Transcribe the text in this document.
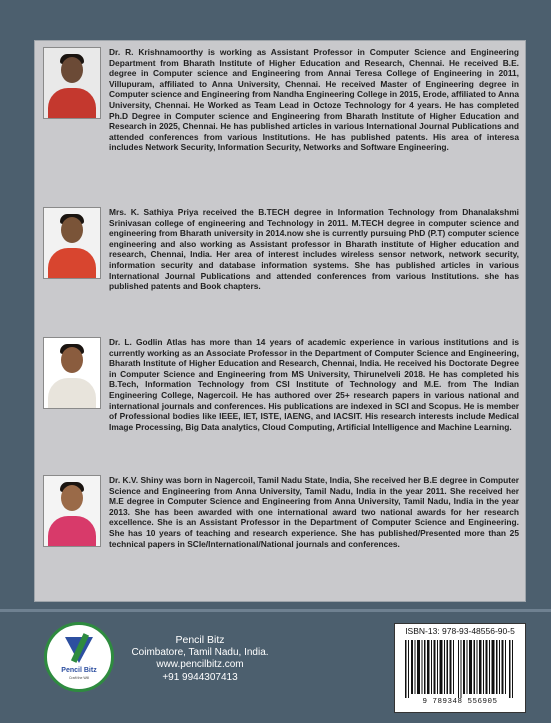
Dr. R. Krishnamoorthy is working as Assistant Professor in Computer Science and Engineering Department from Bharath Institute of Higher Education and Research, Chennai. He received B.E. degree in Computer science and Engineering from Annai Teresa College of Engineering in 2011, Villupuram, affiliated to Anna University, Chennai. He received Master of Engineering degree in Computer science and Engineering from Nandha Engineering College in 2015, Erode, affiliated to Anna University, Chennai. He Worked as Team Lead in Octoze Technology for 4 years. He has completed Ph.D Degree in Computer science and Engineering from Bharath Institute of Higher Education and Research in 2025, Chennai. He has published articles in various International Journal Publications and attended conferences from various Institutions. He has published patents. His area of interesa includes Network Security, Information Security, Networks and Software Engineering.
Mrs. K. Sathiya Priya received the B.TECH degree in Information Technology from Dhanalakshmi Srinivasan college of engineering and Technology in 2011. M.TECH degree in computer science and engineering from Bharath university in 2014.now she is currently pursuing PhD (P.T) computer science engineering and also working as Assistant professor in Bharath institute of Higher education and research, Chennai, India. Her area of interest includes wireless sensor network, network security, information security and database information systems. She has published articles in various International Journal Publications and attended conferences from various Institutions. she has published patents and Book chapters.
Dr. L. Godlin Atlas has more than 14 years of academic experience in various institutions and is currently working as an Associate Professor in the Department of Computer Science and Engineering, Bharath Institute of Higher Education and Research, Chennai, India. He received his Doctorate Degree in Computer Science and Engineering from MS University, Thirunelveli 2018. He has completed his B.Tech, Information Technology from CSI Institute of Technology and M.E. from The Indian Engineering College, Nagercoil. He has authored over 25+ research papers in various national and international journals and conferences. His publications are indexed in SCI and Scopus. He is member of Professional bodies like IEEE, IET, ISTE, IAENG, and IACSIT. His research interests include Medical Image Processing, Big Data analytics, Cloud Computing, Artificial Intelligence and Machine Learning.
Dr. K.V. Shiny was born in Nagercoil, Tamil Nadu State, India, She received her B.E degree in Computer Science and Engineering from Anna University, Tamil Nadu, India in the year 2011. She received her M.E degree in Computer Science and Engineering from Anna University, Tamil Nadu, India in the year 2013. She has been awarded with one international award two national awards for her research excellence. She is an Assistant Professor in the Department of Computer Science and Engineering. She has 10 years of teaching and research experience. She has published/Presented more than 25 technical papers in SCIe/International/National journals and conferences.
Pencil Bitz
Craft the Will
Pencil Bitz
Coimbatore, Tamil Nadu, India.
www.pencilbitz.com
+91 9944307413
ISBN-13: 978-93-48556-90-5
9 789348 556905
